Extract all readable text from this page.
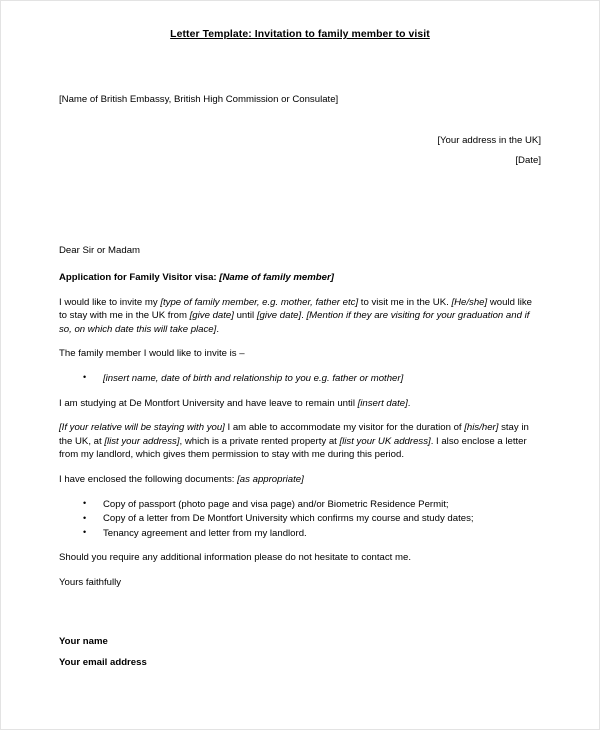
Letter Template: Invitation to family member to visit

[Name of British Embassy, British High Commission or Consulate]

[Your address in the UK]

[Date]

Dear Sir or Madam

Application for Family Visitor visa: [Name of family member]

I would like to invite my [type of family member, e.g. mother, father etc] to visit me in the UK. [He/she] would like to stay with me in the UK from [give date] until [give date]. [Mention if they are visiting for your graduation and if so, on which date this will take place].

The family member I would like to invite is –

• [insert name, date of birth and relationship to you e.g. father or mother]

I am studying at De Montfort University and have leave to remain until [insert date].

[If your relative will be staying with you] I am able to accommodate my visitor for the duration of [his/her] stay in the UK, at [list your address], which is a private rented property at [list your UK address]. I also enclose a letter from my landlord, which gives them permission to stay with me during this period.

I have enclosed the following documents: [as appropriate]

• Copy of passport (photo page and visa page) and/or Biometric Residence Permit;
• Copy of a letter from De Montfort University which confirms my course and study dates;
• Tenancy agreement and letter from my landlord.

Should you require any additional information please do not hesitate to contact me.

Yours faithfully

Your name

Your email address
